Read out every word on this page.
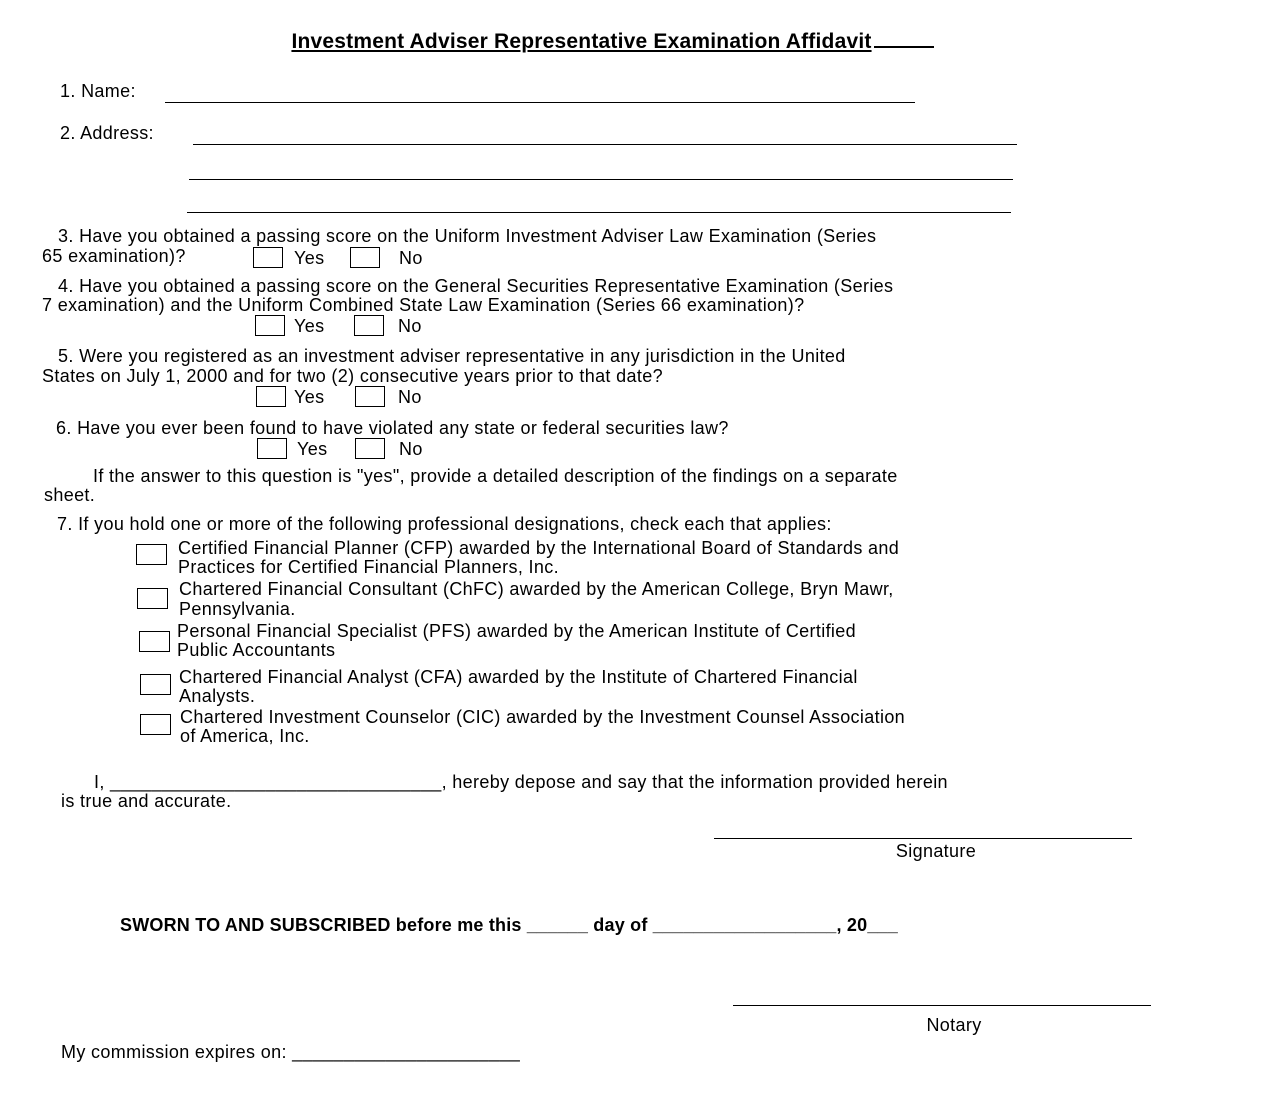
Investment Adviser Representative Examination Affidavit
1. Name:
2. Address:
3. Have you obtained a passing score on the Uniform Investment Adviser Law Examination (Series
65 examination)?	Yes	No
4. Have you obtained a passing score on the General Securities Representative Examination (Series
7 examination) and the Uniform Combined State Law Examination (Series 66 examination)?
Yes	No
5. Were you registered as an investment adviser representative in any jurisdiction in the United
States on July 1, 2000 and for two (2) consecutive years prior to that date?
Yes	No
6. Have you ever been found to have violated any state or federal securities law?
Yes	No
If the answer to this question is "yes", provide a detailed description of the findings on a separate
sheet.
7. If you hold one or more of the following professional designations, check each that applies:
Certified Financial Planner (CFP) awarded by the International Board of Standards and
Practices for Certified Financial Planners, Inc.
Chartered Financial Consultant (ChFC) awarded by the American College, Bryn Mawr,
Pennsylvania.
Personal Financial Specialist (PFS) awarded by the American Institute of Certified
Public Accountants
Chartered Financial Analyst (CFA) awarded by the Institute of Chartered Financial
Analysts.
Chartered Investment Counselor (CIC) awarded by the Investment Counsel Association
of America, Inc.
I, ________________________________, hereby depose and say that the information provided herein
is true and accurate.
Signature
SWORN TO AND SUBSCRIBED before me this ______ day of __________________, 20___
Notary
My commission expires on: ______________________
